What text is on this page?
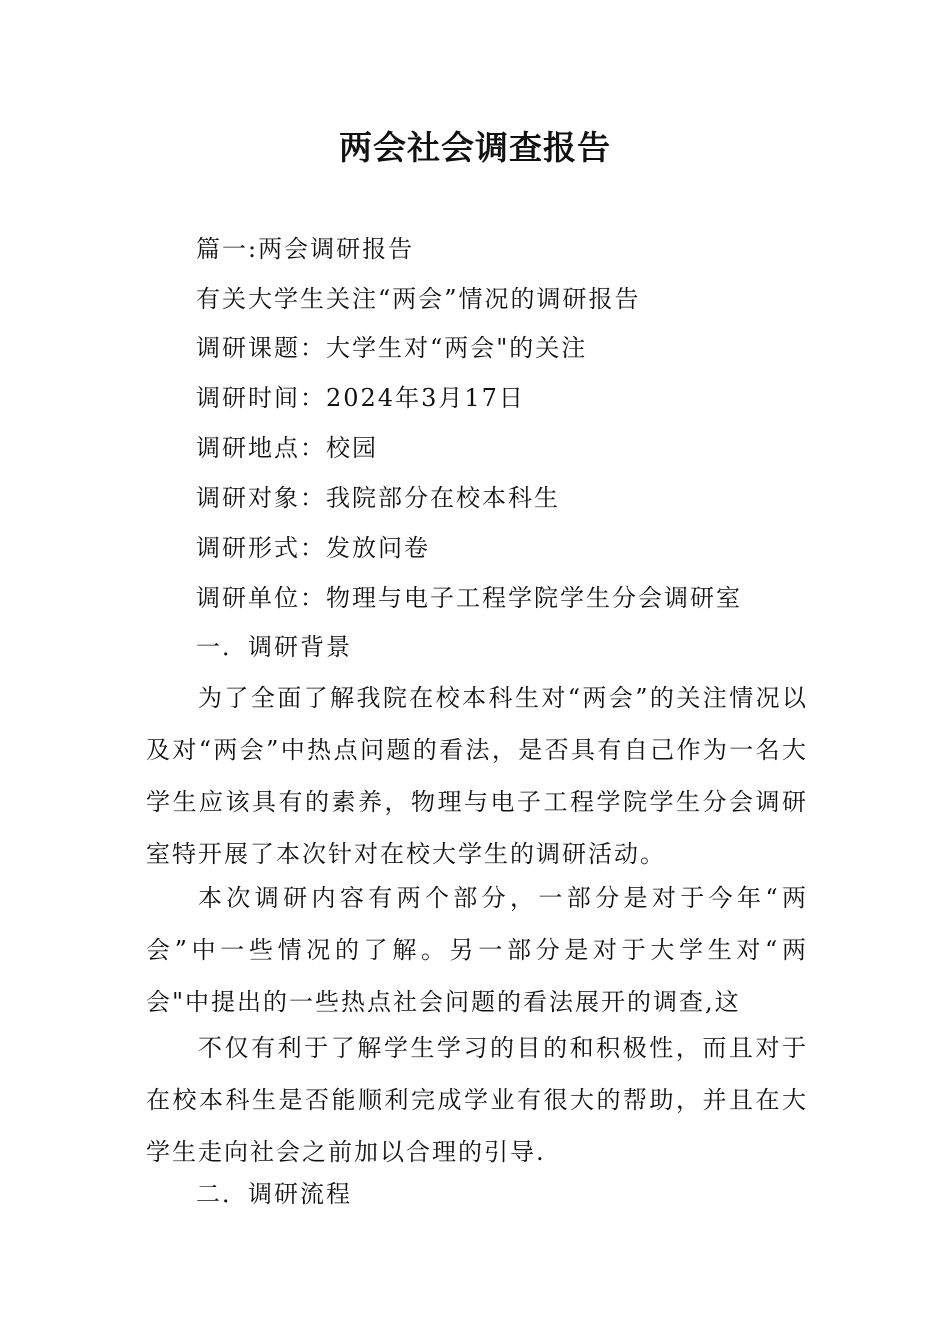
两会社会调查报告
篇一:两会调研报告
有关大学生关注“两会”情况的调研报告
调研课题：大学生对“两会"的关注
调研时间：2024年3月17日
调研地点：校园
调研对象：我院部分在校本科生
调研形式：发放问卷
调研单位：物理与电子工程学院学生分会调研室
一．调研背景
为了全面了解我院在校本科生对“两会”的关注情况以及对“两会”中热点问题的看法，是否具有自己作为一名大学生应该具有的素养，物理与电子工程学院学生分会调研室特开展了本次针对在校大学生的调研活动。
本次调研内容有两个部分，一部分是对于今年“两会”中一些情况的了解。另一部分是对于大学生对“两会"中提出的一些热点社会问题的看法展开的调查,这
不仅有利于了解学生学习的目的和积极性，而且对于在校本科生是否能顺利完成学业有很大的帮助，并且在大学生走向社会之前加以合理的引导.
二．调研流程
